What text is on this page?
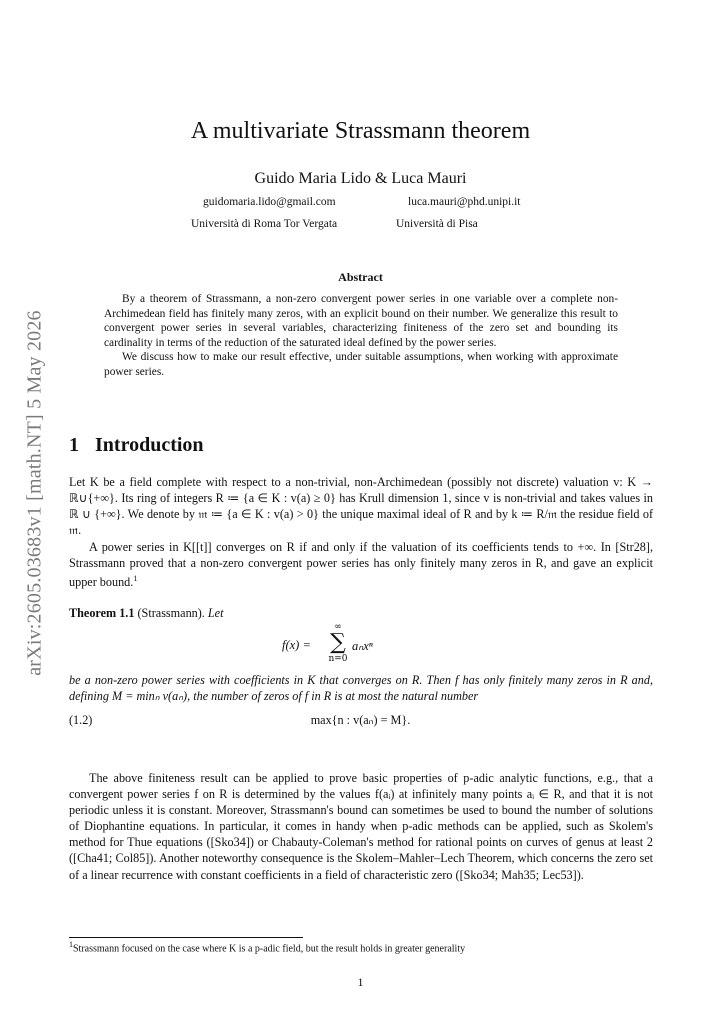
arXiv:2605.03683v1 [math.NT] 5 May 2026
A multivariate Strassmann theorem
Guido Maria Lido & Luca Mauri
guidomaria.lido@gmail.com	luca.mauri@phd.unipi.it
Università di Roma Tor Vergata	Università di Pisa
Abstract

By a theorem of Strassmann, a non-zero convergent power series in one variable over a complete non-Archimedean field has finitely many zeros, with an explicit bound on their number. We generalize this result to convergent power series in several variables, characterizing finiteness of the zero set and bounding its cardinality in terms of the reduction of the saturated ideal defined by the power series.

We discuss how to make our result effective, under suitable assumptions, when working with approximate power series.

1 Introduction

Let K be a field complete with respect to a non-trivial, non-Archimedean (possibly not discrete) valuation v: K → ℝ∪{+∞}. Its ring of integers R ≔ {a ∈ K : v(a) ≥ 0} has Krull dimension 1, since v is non-trivial and takes values in ℝ ∪ {+∞}. We denote by 𝔪 ≔ {a ∈ K : v(a) > 0} the unique maximal ideal of R and by k ≔ R/𝔪 the residue field of 𝔪.

A power series in K[[t]] converges on R if and only if the valuation of its coefficients tends to +∞. In [Str28], Strassmann proved that a non-zero convergent power series has only finitely many zeros in R, and gave an explicit upper bound.$^1$

Theorem 1.1 (Strassmann). Let
f(x) =
∞
∑
n=0
aₙxⁿ
be a non-zero power series with coefficients in K that converges on R. Then f has only finitely many zeros in R and, defining M = minₙ v(aₙ), the number of zeros of f in R is at most the natural number
(1.2)	max{n : v(aₙ) = M}.

The above finiteness result can be applied to prove basic properties of p-adic analytic functions, e.g., that a convergent power series f on R is determined by the values f(aᵢ) at infinitely many points aᵢ ∈ R, and that it is not periodic unless it is constant. Moreover, Strassmann's bound can sometimes be used to bound the number of solutions of Diophantine equations. In particular, it comes in handy when p-adic methods can be applied, such as Skolem's method for Thue equations ([Sko34]) or Chabauty-Coleman's method for rational points on curves of genus at least 2 ([Cha41; Col85]). Another noteworthy consequence is the Skolem–Mahler–Lech Theorem, which concerns the zero set of a linear recurrence with constant coefficients in a field of characteristic zero ([Sko34; Mah35; Lec53]).

$^1$Strassmann focused on the case where K is a p-adic field, but the result holds in greater generality
1
